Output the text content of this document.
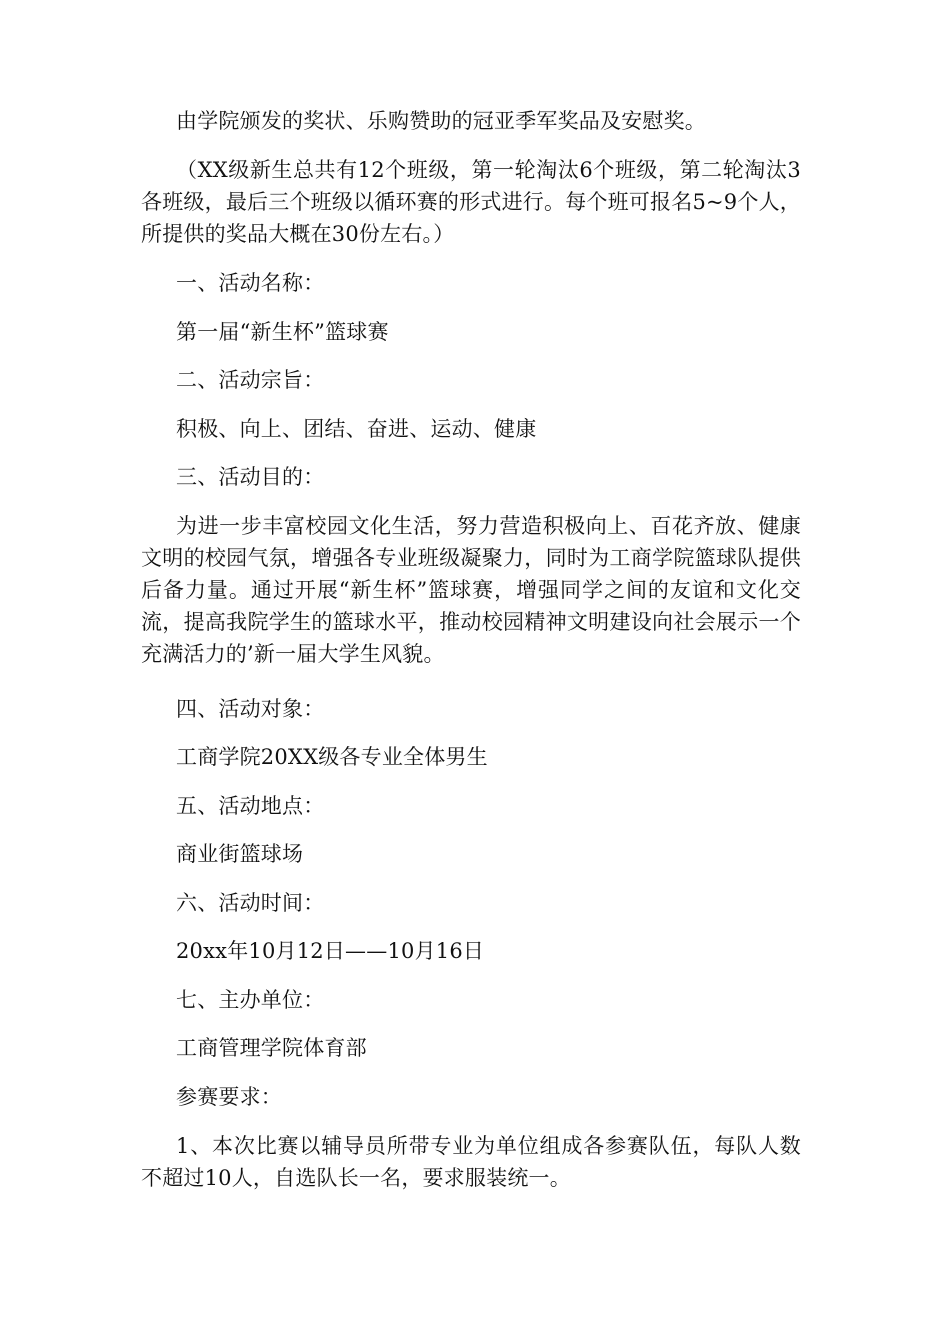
由学院颁发的奖状、乐购赞助的冠亚季军奖品及安慰奖。

（XX级新生总共有12个班级，第一轮淘汰6个班级，第二轮淘汰3各班级，最后三个班级以循环赛的形式进行。每个班可报名5~9个人，所提供的奖品大概在30份左右。）

一、活动名称：

第一届“新生杯”篮球赛

二、活动宗旨：

积极、向上、团结、奋进、运动、健康

三、活动目的：

为进一步丰富校园文化生活，努力营造积极向上、百花齐放、健康文明的校园气氛，增强各专业班级凝聚力，同时为工商学院篮球队提供后备力量。通过开展“新生杯”篮球赛，增强同学之间的友谊和文化交流，提高我院学生的篮球水平，推动校园精神文明建设向社会展示一个充满活力的’新一届大学生风貌。

四、活动对象：

工商学院20XX级各专业全体男生

五、活动地点：

商业街篮球场

六、活动时间：

20xx年10月12日——10月16日

七、主办单位：

工商管理学院体育部

参赛要求：

1、本次比赛以辅导员所带专业为单位组成各参赛队伍，每队人数不超过10人，自选队长一名，要求服装统一。
